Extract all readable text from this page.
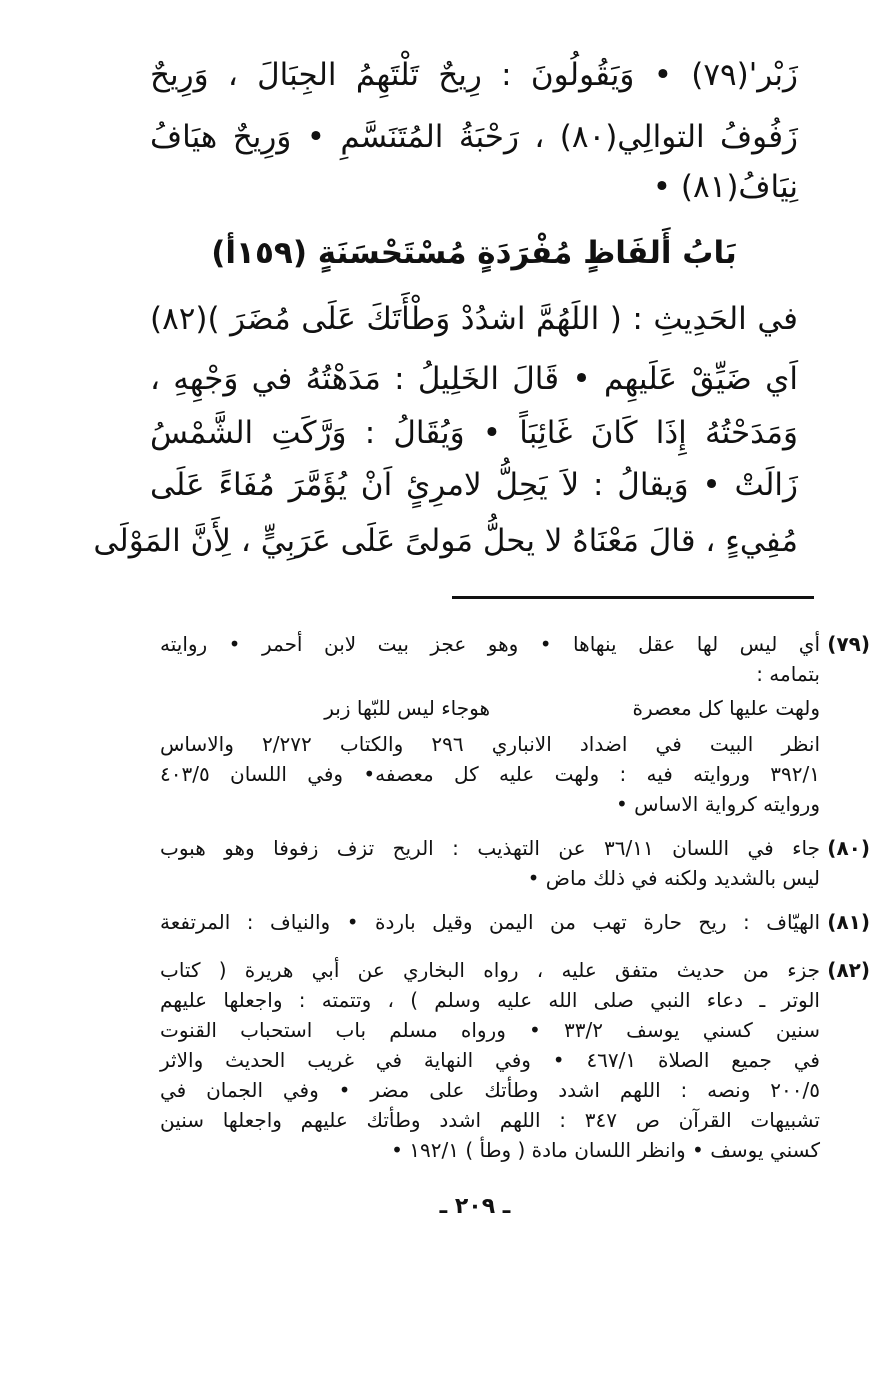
زَبْر'(٧٩) • وَيَقُولُونَ : رِيحٌ تَلْتَهِمُ الجِبَالَ ، وَرِيحٌ

زَفُوفُ التوالِي(٨٠) ، رَحْبَةُ المُتَنَسَّمِ • وَرِيحٌ هيَافُ

نِيَافُ(٨١) •

بَابُ أَلفَاظٍ مُفْرَدَةٍ مُسْتَحْسَنَةٍ (١٥٩أ)

في الحَدِيثِ : ( اللَهُمَّ اشدُدْ وَطْأَتَكَ عَلَى مُضَرَ )(٨٢)

اَي ضَيِّقْ عَلَيهِم • قَالَ الخَلِيلُ : مَدَهْتُهُ في وَجْهِهِ ،

وَمَدَحْتُهُ إِذَا كَانَ غَائِبَاً • وَيُقَالُ : وَرَّكَتِ الشَّمْسُ

زَالَتْ • وَيقالُ : لاَ يَحِلُّ لامرِئٍ اَنْ يُؤَمَّرَ مُفَاءً عَلَى

مُفِيءٍ ، قالَ مَعْنَاهُ لا يحلُّ مَولىً عَلَى عَرَبِيٍّ ، لِأَنَّ المَوْلَى

(٧٩)
أي ليس لها عقل ينهاها • وهو عجز بيت لابن أحمر • روايته
بتمامه :
ولهت عليها كل معصرة
هوجاء ليس للبّها زبر
انظر البيت في اضداد الانباري ٢٩٦ والكتاب ٢/٢٧٢ والاساس
٣٩٢/١ وروايته فيه : ولهت عليه كل معصفه• وفي اللسان ٤٠٣/٥
وروايته كرواية الاساس •
(٨٠)
جاء في اللسان ٣٦/١١ عن التهذيب : الريح تزف زفوفا وهو هبوب
ليس بالشديد ولكنه في ذلك ماض •
(٨١)
الهيّاف : ريح حارة تهب من اليمن وقيل باردة • والنياف : المرتفعة
(٨٢)
جزء من حديث متفق عليه ، رواه البخاري عن أبي هريرة ( كتاب
الوتر ـ دعاء النبي صلى الله عليه وسلم ) ، وتتمته : واجعلها عليهم
سنين كسني يوسف ٣٣/٢ • ورواه مسلم باب استحباب القنوت
في جميع الصلاة ٤٦٧/١ • وفي النهاية في غريب الحديث والاثر
٢٠٠/٥ ونصه : اللهم اشدد وطأتك على مضر • وفي الجمان في
تشبيهات القرآن ص ٣٤٧ : اللهم اشدد وطأتك عليهم واجعلها سنين
كسني يوسف • وانظر اللسان مادة ( وطأ ) ١٩٢/١ •
ـ ٢٠٩ ـ
